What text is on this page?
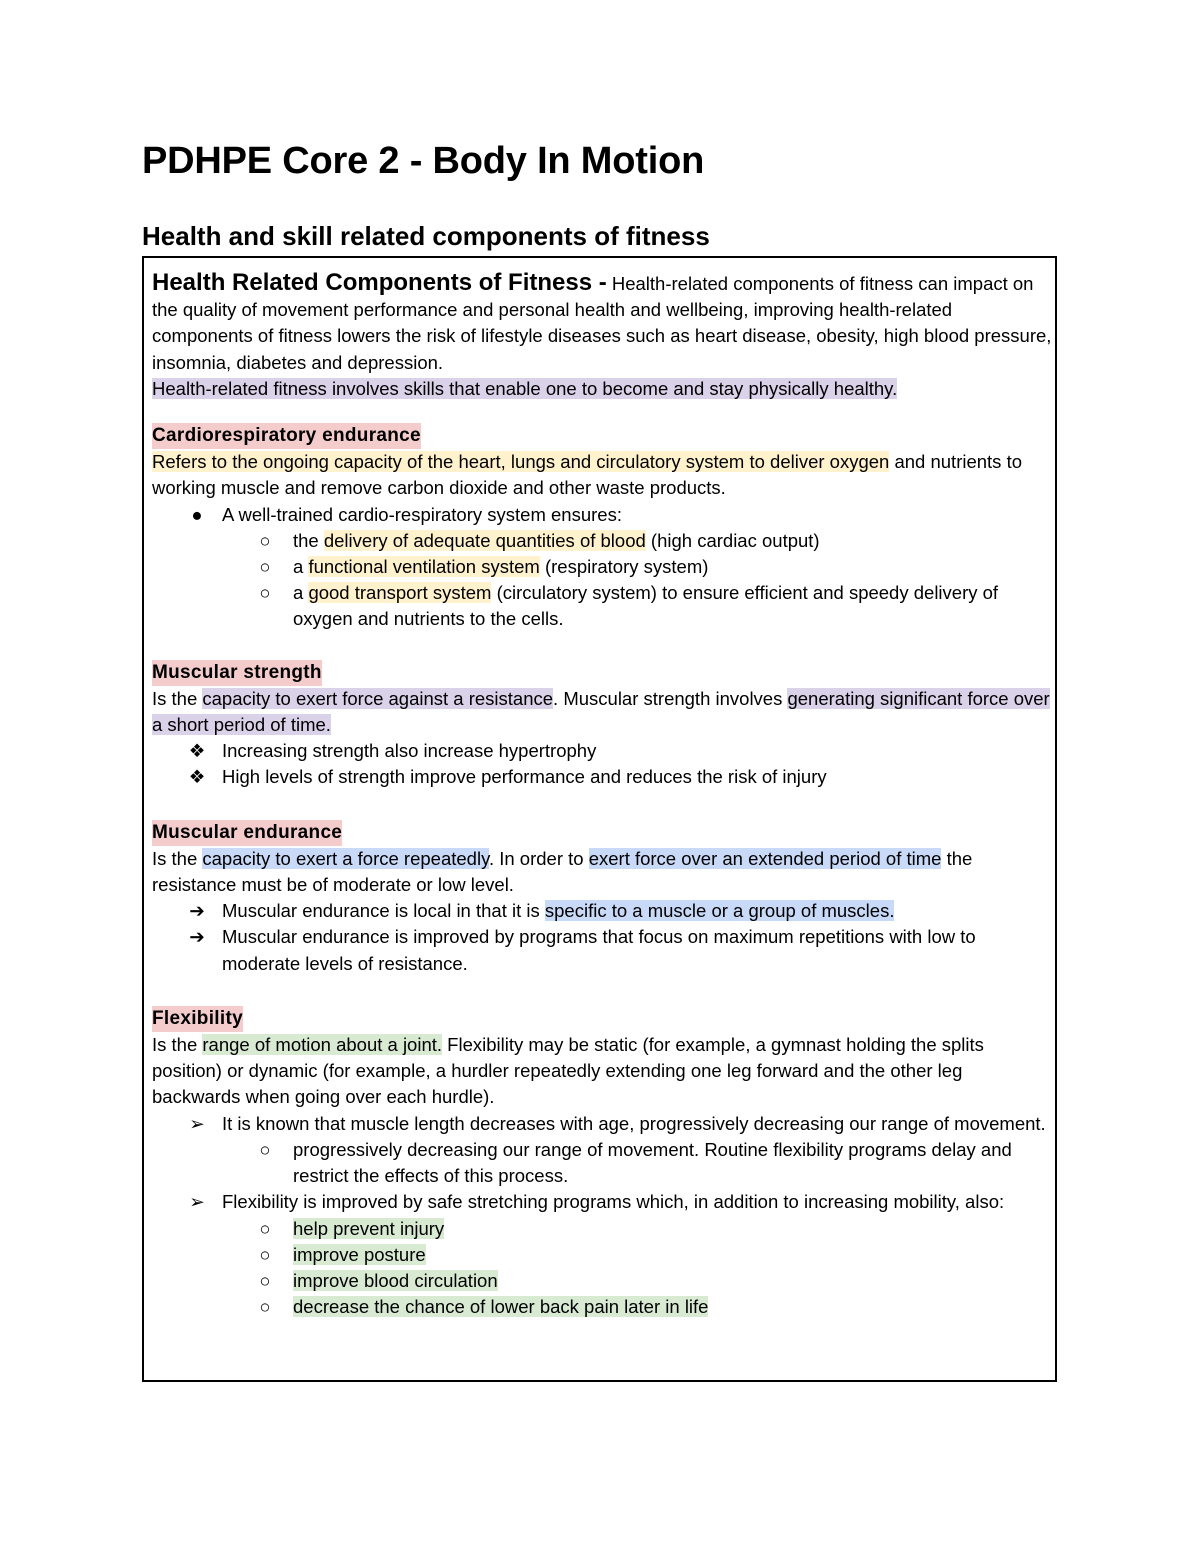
PDHPE Core 2 - Body In Motion
Health and skill related components of fitness

Health Related Components of Fitness - Health-related components of fitness can impact on the quality of movement performance and personal health and wellbeing, improving health-related components of fitness lowers the risk of lifestyle diseases such as heart disease, obesity, high blood pressure, insomnia, diabetes and depression.

Health-related fitness involves skills that enable one to become and stay physically healthy.

Cardiorespiratory endurance

Refers to the ongoing capacity of the heart, lungs and circulatory system to deliver oxygen and nutrients to working muscle and remove carbon dioxide and other waste products.

● A well-trained cardio-respiratory system ensures:
○ the delivery of adequate quantities of blood (high cardiac output)
○ a functional ventilation system (respiratory system)
○ a good transport system (circulatory system) to ensure efficient and speedy delivery of oxygen and nutrients to the cells.

Muscular strength

Is the capacity to exert force against a resistance. Muscular strength involves generating significant force over a short period of time.

❖ Increasing strength also increase hypertrophy
❖ High levels of strength improve performance and reduces the risk of injury

Muscular endurance

Is the capacity to exert a force repeatedly. In order to exert force over an extended period of time the resistance must be of moderate or low level.

➔ Muscular endurance is local in that it is specific to a muscle or a group of muscles.
➔ Muscular endurance is improved by programs that focus on maximum repetitions with low to moderate levels of resistance.

Flexibility

Is the range of motion about a joint. Flexibility may be static (for example, a gymnast holding the splits position) or dynamic (for example, a hurdler repeatedly extending one leg forward and the other leg backwards when going over each hurdle).

➢ It is known that muscle length decreases with age, progressively decreasing our range of movement.
○ progressively decreasing our range of movement. Routine flexibility programs delay and restrict the effects of this process.
➢ Flexibility is improved by safe stretching programs which, in addition to increasing mobility, also:
○ help prevent injury
○ improve posture
○ improve blood circulation
○ decrease the chance of lower back pain later in life
